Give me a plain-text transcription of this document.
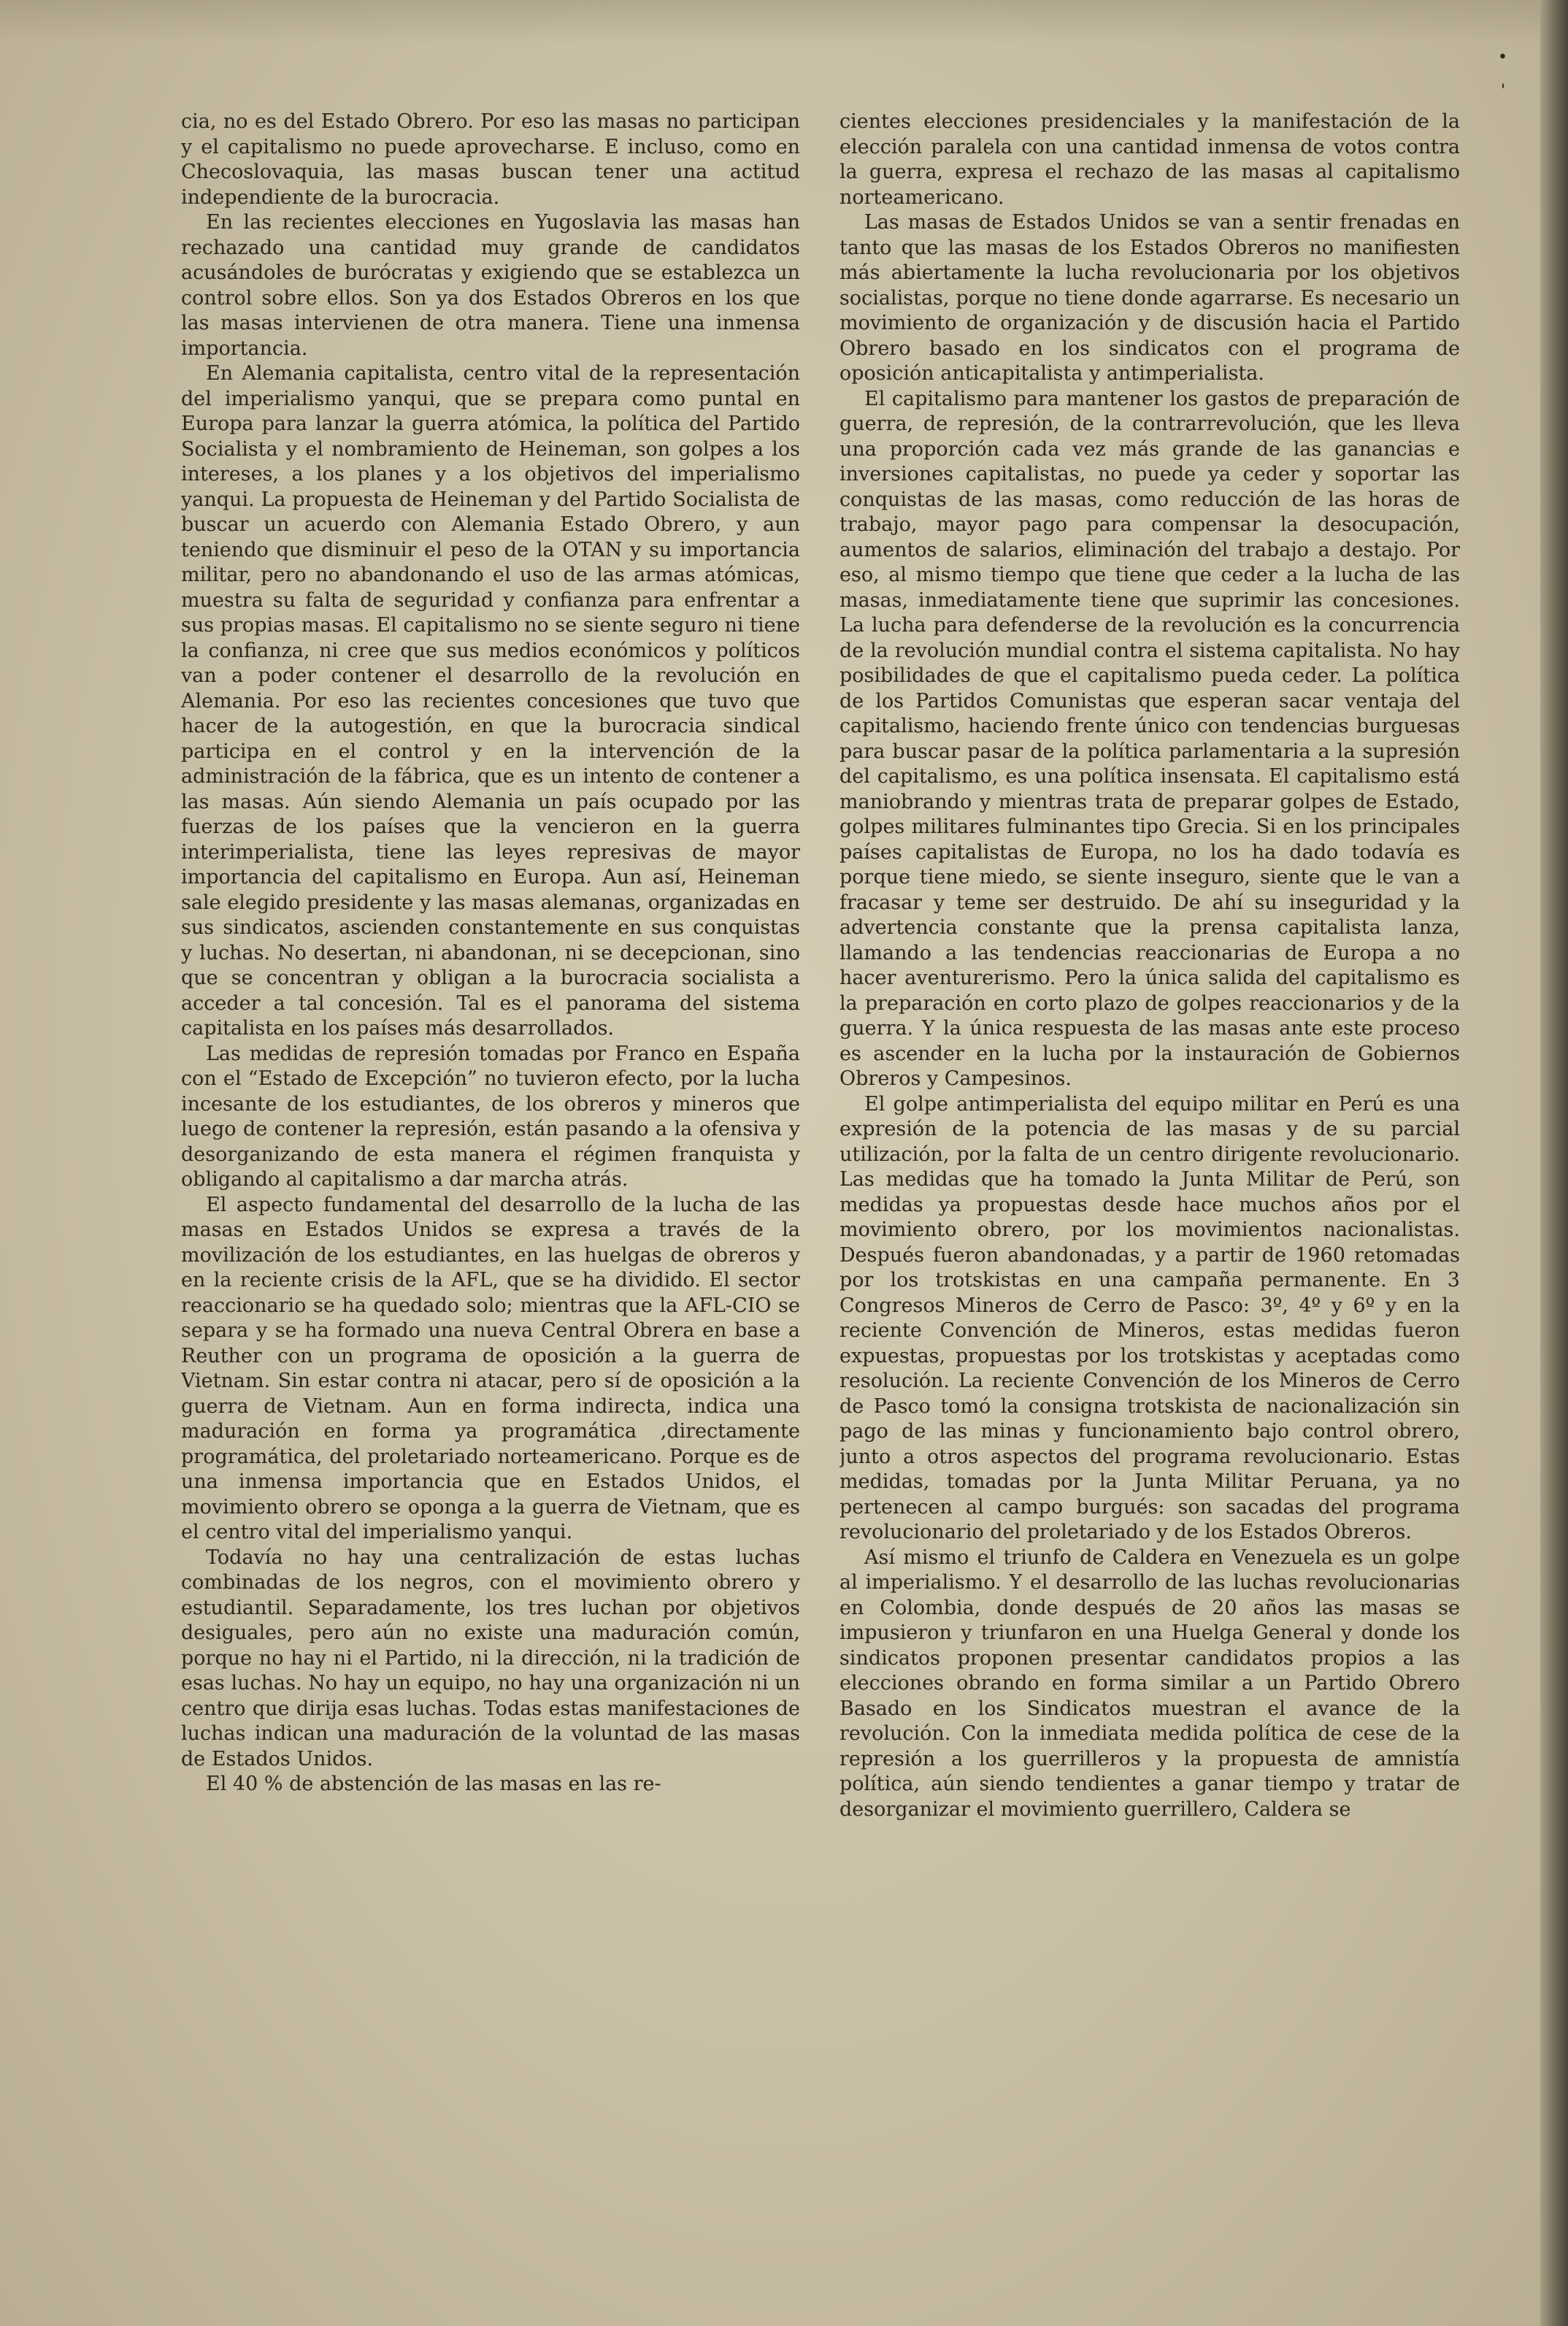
•
'

cia, no es del Estado Obrero. Por eso las masas no participan y el capitalismo no puede aprovecharse. E incluso, como en Checoslovaquia, las masas buscan tener una actitud independiente de la burocracia.

En las recientes elecciones en Yugoslavia las masas han rechazado una cantidad muy grande de candidatos acusándoles de burócratas y exigiendo que se establezca un control sobre ellos. Son ya dos Estados Obreros en los que las masas intervienen de otra manera. Tiene una inmensa importancia.

En Alemania capitalista, centro vital de la representación del imperialismo yanqui, que se prepara como puntal en Europa para lanzar la guerra atómica, la política del Partido Socialista y el nombramiento de Heineman, son golpes a los intereses, a los planes y a los objetivos del imperialismo yanqui. La propuesta de Heineman y del Partido Socialista de buscar un acuerdo con Alemania Estado Obrero, y aun teniendo que disminuir el peso de la OTAN y su importancia militar, pero no abandonando el uso de las armas atómicas, muestra su falta de seguridad y confianza para enfrentar a sus propias masas. El capitalismo no se siente seguro ni tiene la confianza, ni cree que sus medios económicos y políticos van a poder contener el desarrollo de la revolución en Alemania. Por eso las recientes concesiones que tuvo que hacer de la autogestión, en que la burocracia sindical participa en el control y en la intervención de la administración de la fábrica, que es un intento de contener a las masas. Aún siendo Alemania un país ocupado por las fuerzas de los países que la vencieron en la guerra interimperialista, tiene las leyes represivas de mayor importancia del capitalismo en Europa. Aun así, Heineman sale elegido presidente y las masas alemanas, organizadas en sus sindicatos, ascienden constantemente en sus conquistas y luchas. No desertan, ni abandonan, ni se decepcionan, sino que se concentran y obligan a la burocracia socialista a acceder a tal concesión. Tal es el panorama del sistema capitalista en los países más desarrollados.

Las medidas de represión tomadas por Franco en España con el “Estado de Excepción” no tuvieron efecto, por la lucha incesante de los estudiantes, de los obreros y mineros que luego de contener la represión, están pasando a la ofensiva y desorganizando de esta manera el régimen franquista y obligando al capitalismo a dar marcha atrás.

El aspecto fundamental del desarrollo de la lucha de las masas en Estados Unidos se expresa a través de la movilización de los estudiantes, en las huelgas de obreros y en la reciente crisis de la AFL, que se ha dividido. El sector reaccionario se ha quedado solo; mientras que la AFL-CIO se separa y se ha formado una nueva Central Obrera en base a Reuther con un programa de oposición a la guerra de Vietnam. Sin estar contra ni atacar, pero sí de oposición a la guerra de Vietnam. Aun en forma indirecta, indica una maduración en forma ya programática ,directamente programática, del proletariado norteamericano. Porque es de una inmensa importancia que en Estados Unidos, el movimiento obrero se oponga a la guerra de Vietnam, que es el centro vital del imperialismo yanqui.

Todavía no hay una centralización de estas luchas combinadas de los negros, con el movimiento obrero y estudiantil. Separadamente, los tres luchan por objetivos desiguales, pero aún no existe una maduración común, porque no hay ni el Partido, ni la dirección, ni la tradición de esas luchas. No hay un equipo, no hay una organización ni un centro que dirija esas luchas. Todas estas manifestaciones de luchas indican una maduración de la voluntad de las masas de Estados Unidos.

El 40 % de abstención de las masas en las re-

cientes elecciones presidenciales y la manifestación de la elección paralela con una cantidad inmensa de votos contra la guerra, expresa el rechazo de las masas al capitalismo norteamericano.

Las masas de Estados Unidos se van a sentir frenadas en tanto que las masas de los Estados Obreros no manifiesten más abiertamente la lucha revolucionaria por los objetivos socialistas, porque no tiene donde agarrarse. Es necesario un movimiento de organización y de discusión hacia el Partido Obrero basado en los sindicatos con el programa de oposición anticapitalista y antimperialista.

El capitalismo para mantener los gastos de preparación de guerra, de represión, de la contrarrevolución, que les lleva una proporción cada vez más grande de las ganancias e inversiones capitalistas, no puede ya ceder y soportar las conquistas de las masas, como reducción de las horas de trabajo, mayor pago para compensar la desocupación, aumentos de salarios, eliminación del trabajo a destajo. Por eso, al mismo tiempo que tiene que ceder a la lucha de las masas, inmediatamente tiene que suprimir las concesiones. La lucha para defenderse de la revolución es la concurrencia de la revolución mundial contra el sistema capitalista. No hay posibilidades de que el capitalismo pueda ceder. La política de los Partidos Comunistas que esperan sacar ventaja del capitalismo, haciendo frente único con tendencias burguesas para buscar pasar de la política parlamentaria a la supresión del capitalismo, es una política insensata. El capitalismo está maniobrando y mientras trata de preparar golpes de Estado, golpes militares fulminantes tipo Grecia. Si en los principales países capitalistas de Europa, no los ha dado todavía es porque tiene miedo, se siente inseguro, siente que le van a fracasar y teme ser destruido. De ahí su inseguridad y la advertencia constante que la prensa capitalista lanza, llamando a las tendencias reaccionarias de Europa a no hacer aventurerismo. Pero la única salida del capitalismo es la preparación en corto plazo de golpes reaccionarios y de la guerra. Y la única respuesta de las masas ante este proceso es ascender en la lucha por la instauración de Gobiernos Obreros y Campesinos.

El golpe antimperialista del equipo militar en Perú es una expresión de la potencia de las masas y de su parcial utilización, por la falta de un centro dirigente revolucionario. Las medidas que ha tomado la Junta Militar de Perú, son medidas ya propuestas desde hace muchos años por el movimiento obrero, por los movimientos nacionalistas. Después fueron abandonadas, y a partir de 1960 retomadas por los trotskistas en una campaña permanente. En 3 Congresos Mineros de Cerro de Pasco: 3º, 4º y 6º y en la reciente Convención de Mineros, estas medidas fueron expuestas, propuestas por los trotskistas y aceptadas como resolución. La reciente Convención de los Mineros de Cerro de Pasco tomó la consigna trotskista de nacionalización sin pago de las minas y funcionamiento bajo control obrero, junto a otros aspectos del programa revolucionario. Estas medidas, tomadas por la Junta Militar Peruana, ya no pertenecen al campo burgués: son sacadas del programa revolucionario del proletariado y de los Estados Obreros.

Así mismo el triunfo de Caldera en Venezuela es un golpe al imperialismo. Y el desarrollo de las luchas revolucionarias en Colombia, donde después de 20 años las masas se impusieron y triunfaron en una Huelga General y donde los sindicatos proponen presentar candidatos propios a las elecciones obrando en forma similar a un Partido Obrero Basado en los Sindicatos muestran el avance de la revolución. Con la inmediata medida política de cese de la represión a los guerrilleros y la propuesta de amnistía política, aún siendo tendientes a ganar tiempo y tratar de desorganizar el movimiento guerrillero, Caldera se
